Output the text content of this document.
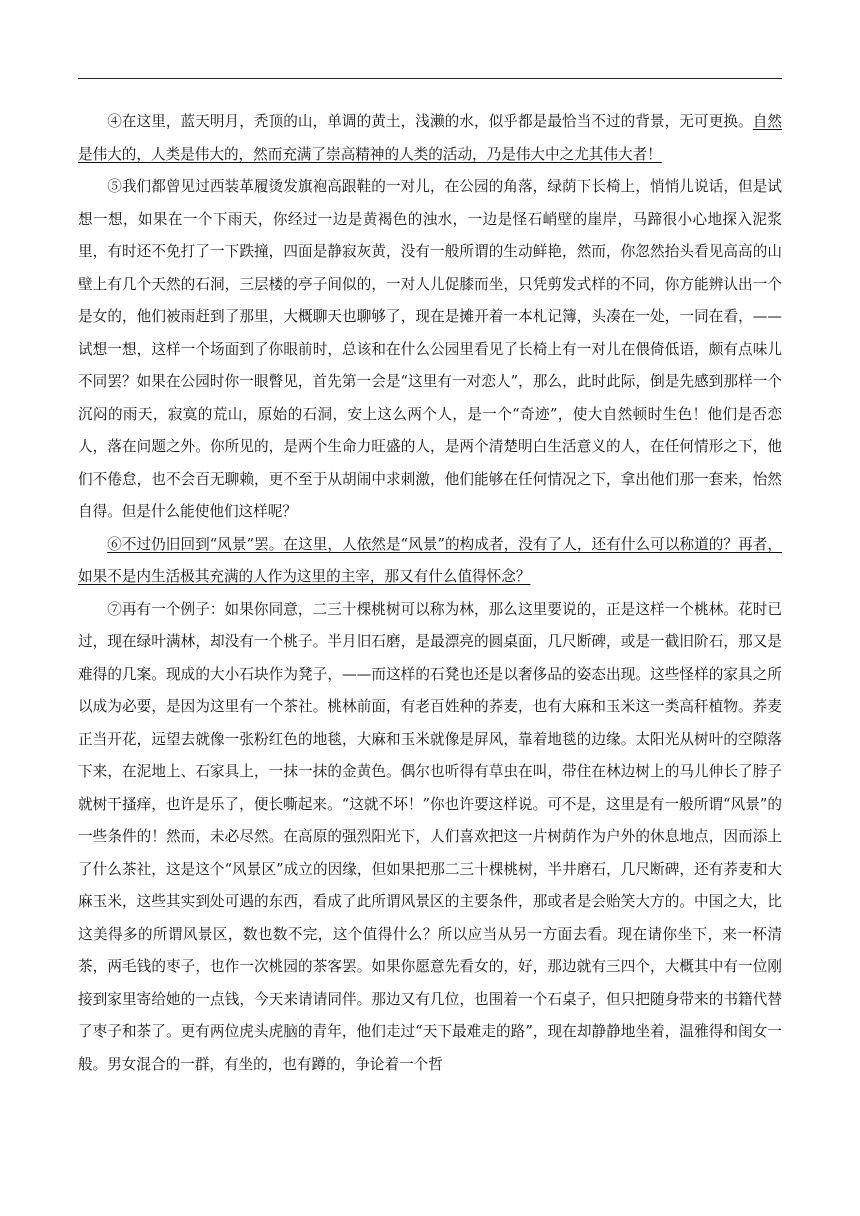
④在这里，蓝天明月，秃顶的山，单调的黄土，浅濑的水，似乎都是最恰当不过的背景，无可更换。自然是伟大的，人类是伟大的，然而充满了崇高精神的人类的活动，乃是伟大中之尤其伟大者！

⑤我们都曾见过西装革履烫发旗袍高跟鞋的一对儿，在公园的角落，绿荫下长椅上，悄悄儿说话，但是试想一想，如果在一个下雨天，你经过一边是黄褐色的浊水，一边是怪石峭壁的崖岸，马蹄很小心地探入泥浆里，有时还不免打了一下跌撞，四面是静寂灰黄，没有一般所谓的生动鲜艳，然而，你忽然抬头看见高高的山壁上有几个天然的石洞，三层楼的亭子间似的，一对人儿促膝而坐，只凭剪发式样的不同，你方能辨认出一个是女的，他们被雨赶到了那里，大概聊天也聊够了，现在是摊开着一本札记簿，头凑在一处，一同在看，——试想一想，这样一个场面到了你眼前时，总该和在什么公园里看见了长椅上有一对儿在偎倚低语，颇有点味儿不同罢？如果在公园时你一眼瞥见，首先第一会是“这里有一对恋人”，那么，此时此际，倒是先感到那样一个沉闷的雨天，寂寞的荒山，原始的石洞，安上这么两个人，是一个“奇迹”，使大自然顿时生色！他们是否恋人，落在问题之外。你所见的，是两个生命力旺盛的人，是两个清楚明白生活意义的人，在任何情形之下，他们不倦怠，也不会百无聊赖，更不至于从胡闹中求刺激，他们能够在任何情况之下，拿出他们那一套来，怡然自得。但是什么能使他们这样呢？

⑥不过仍旧回到“风景”罢。在这里，人依然是“风景”的构成者，没有了人，还有什么可以称道的？再者，如果不是内生活极其充满的人作为这里的主宰，那又有什么值得怀念？

⑦再有一个例子：如果你同意，二三十棵桃树可以称为林，那么这里要说的，正是这样一个桃林。花时已过，现在绿叶满林，却没有一个桃子。半月旧石磨，是最漂亮的圆桌面，几尺断碑，或是一截旧阶石，那又是难得的几案。现成的大小石块作为凳子，——而这样的石凳也还是以奢侈品的姿态出现。这些怪样的家具之所以成为必要，是因为这里有一个茶社。桃林前面，有老百姓种的荞麦，也有大麻和玉米这一类高秆植物。荞麦正当开花，远望去就像一张粉红色的地毯，大麻和玉米就像是屏风，靠着地毯的边缘。太阳光从树叶的空隙落下来，在泥地上、石家具上，一抹一抹的金黄色。偶尔也听得有草虫在叫，带住在林边树上的马儿伸长了脖子就树干搔痒，也许是乐了，便长嘶起来。“这就不坏！”你也许要这样说。可不是，这里是有一般所谓“风景”的一些条件的！然而，未必尽然。在高原的强烈阳光下，人们喜欢把这一片树荫作为户外的休息地点，因而添上了什么茶社，这是这个“风景区”成立的因缘，但如果把那二三十棵桃树，半井磨石，几尺断碑，还有荞麦和大麻玉米，这些其实到处可遇的东西，看成了此所谓风景区的主要条件，那或者是会贻笑大方的。中国之大，比这美得多的所谓风景区，数也数不完，这个值得什么？所以应当从另一方面去看。现在请你坐下，来一杯清茶，两毛钱的枣子，也作一次桃园的茶客罢。如果你愿意先看女的，好，那边就有三四个，大概其中有一位刚接到家里寄给她的一点钱，今天来请请同伴。那边又有几位，也围着一个石桌子，但只把随身带来的书籍代替了枣子和茶了。更有两位虎头虎脑的青年，他们走过“天下最难走的路”，现在却静静地坐着，温雅得和闺女一般。男女混合的一群，有坐的，也有蹲的，争论着一个哲
